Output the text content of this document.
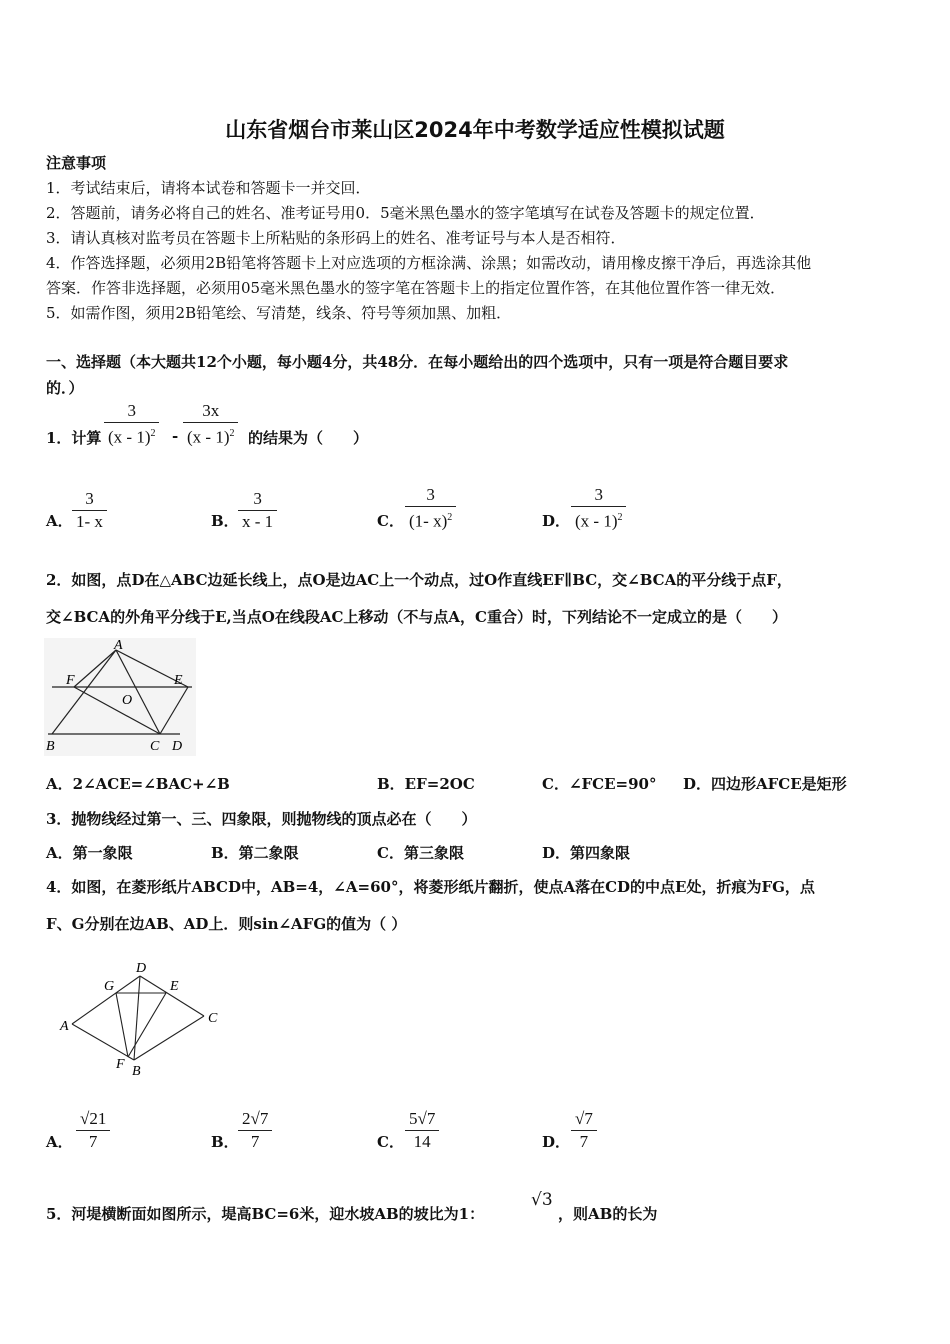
山东省烟台市莱山区2024年中考数学适应性模拟试题
注意事项
1．考试结束后，请将本试卷和答题卡一并交回．
2．答题前，请务必将自己的姓名、准考证号用0．5毫米黑色墨水的签字笔填写在试卷及答题卡的规定位置．
3．请认真核对监考员在答题卡上所粘贴的条形码上的姓名、准考证号与本人是否相符．
4．作答选择题，必须用2B铅笔将答题卡上对应选项的方框涂满、涂黑；如需改动，请用橡皮擦干净后，再选涂其他
答案．作答非选择题，必须用05毫米黑色墨水的签字笔在答题卡上的指定位置作答，在其他位置作答一律无效．
5．如需作图，须用2B铅笔绘、写清楚，线条、符号等须加黑、加粗．
一、选择题（本大题共12个小题，每小题4分，共48分．在每小题给出的四个选项中，只有一项是符合题目要求
的．）
1．计算 $\frac{3}{(x - 1)^2} - \frac{3x}{(x - 1)^2}$ 的结果为（　　）
A． $\frac{3}{1- x}$	B． $\frac{3}{x - 1}$	C． $\frac{3}{(1- x)^2}$	D． $\frac{3}{(x - 1)^2}$
2．如图，点D在△ABC边延长线上，点O是边AC上一个动点，过O作直线EF∥BC，交∠BCA的平分线于点F，
交∠BCA的外角平分线于E,当点O在线段AC上移动（不与点A，C重合）时，下列结论不一定成立的是（　　）
A
F	E
O
B	C D
A．2∠ACE=∠BAC+∠B	B．EF=2OC	C．∠FCE=90° D．四边形AFCE是矩形
3．抛物线经过第一、三、四象限，则抛物线的顶点必在（　　）
A．第一象限	B．第二象限	C．第三象限	D．第四象限
4．如图，在菱形纸片ABCD中，AB=4，∠A=60°，将菱形纸片翻折，使点A落在CD的中点E处，折痕为FG，点
F、G分别在边AB、AD上．则sin∠AFG的值为（ ）
D
G	E
A
C
F B
A． $\frac{√21}{7}$	B． $\frac{2√7}{7}$	C． $\frac{5√7}{14}$	D． $\frac{√7}{7}$
5．河堤横断面如图所示，堤高BC=6米，迎水坡AB的坡比为1：
√3
，则AB的长为
